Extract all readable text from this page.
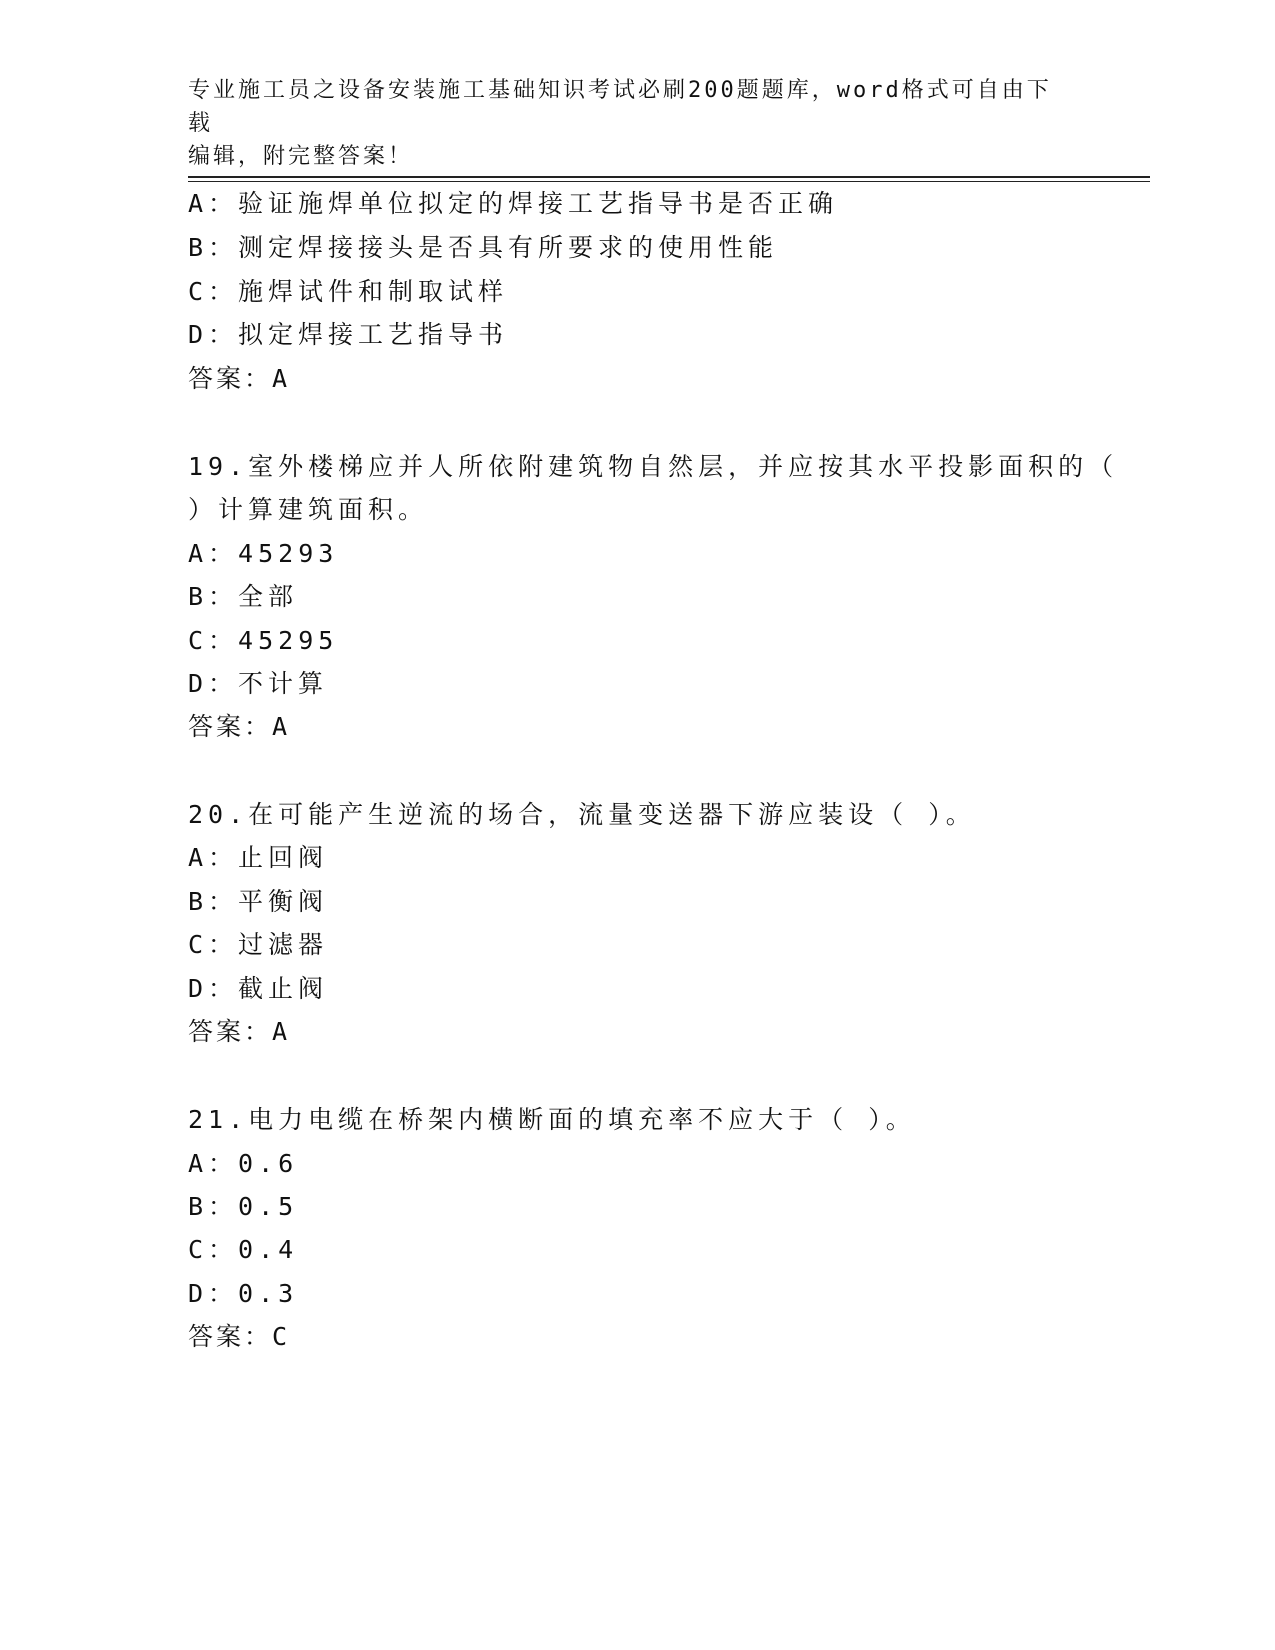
专业施工员之设备安装施工基础知识考试必刷200题题库，word格式可自由下载
编辑，附完整答案！
A：验证施焊单位拟定的焊接工艺指导书是否正确
B：测定焊接接头是否具有所要求的使用性能
C：施焊试件和制取试样
D：拟定焊接工艺指导书
答案：A
19.室外楼梯应并人所依附建筑物自然层，并应按其水平投影面积的（
）计算建筑面积。
A：45293
B：全部
C：45295
D：不计算
答案：A
20.在可能产生逆流的场合，流量变送器下游应装设（ ）。
A：止回阀
B：平衡阀
C：过滤器
D：截止阀
答案：A
21.电力电缆在桥架内横断面的填充率不应大于（ ）。
A：0.6
B：0.5
C：0.4
D：0.3
答案：C
